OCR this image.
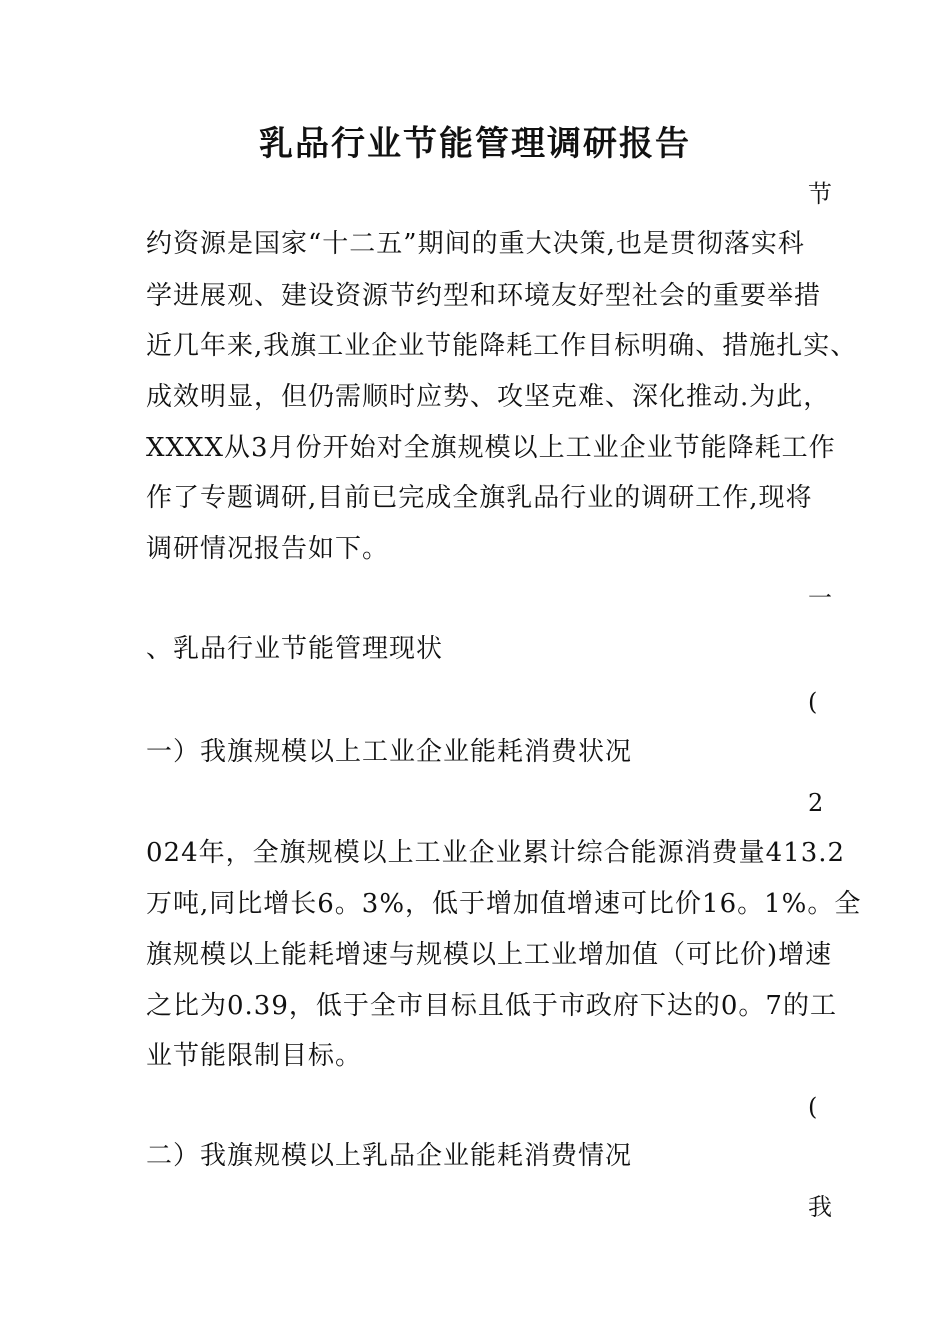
乳品行业节能管理调研报告
节
约资源是国家“十二五”期间的重大决策,也是贯彻落实科
学进展观、建设资源节约型和环境友好型社会的重要举措
近几年来,我旗工业企业节能降耗工作目标明确、措施扎实、
成效明显，但仍需顺时应势、攻坚克难、深化推动.为此，
XXXX从3月份开始对全旗规模以上工业企业节能降耗工作
作了专题调研,目前已完成全旗乳品行业的调研工作,现将
调研情况报告如下。
一
、乳品行业节能管理现状
(
一）我旗规模以上工业企业能耗消费状况
2
024年，全旗规模以上工业企业累计综合能源消费量413.2
万吨,同比增长6。3%，低于增加值增速可比价16。1%。全
旗规模以上能耗增速与规模以上工业增加值（可比价)增速
之比为0.39，低于全市目标且低于市政府下达的0。7的工
业节能限制目标。
(
二）我旗规模以上乳品企业能耗消费情况
我
